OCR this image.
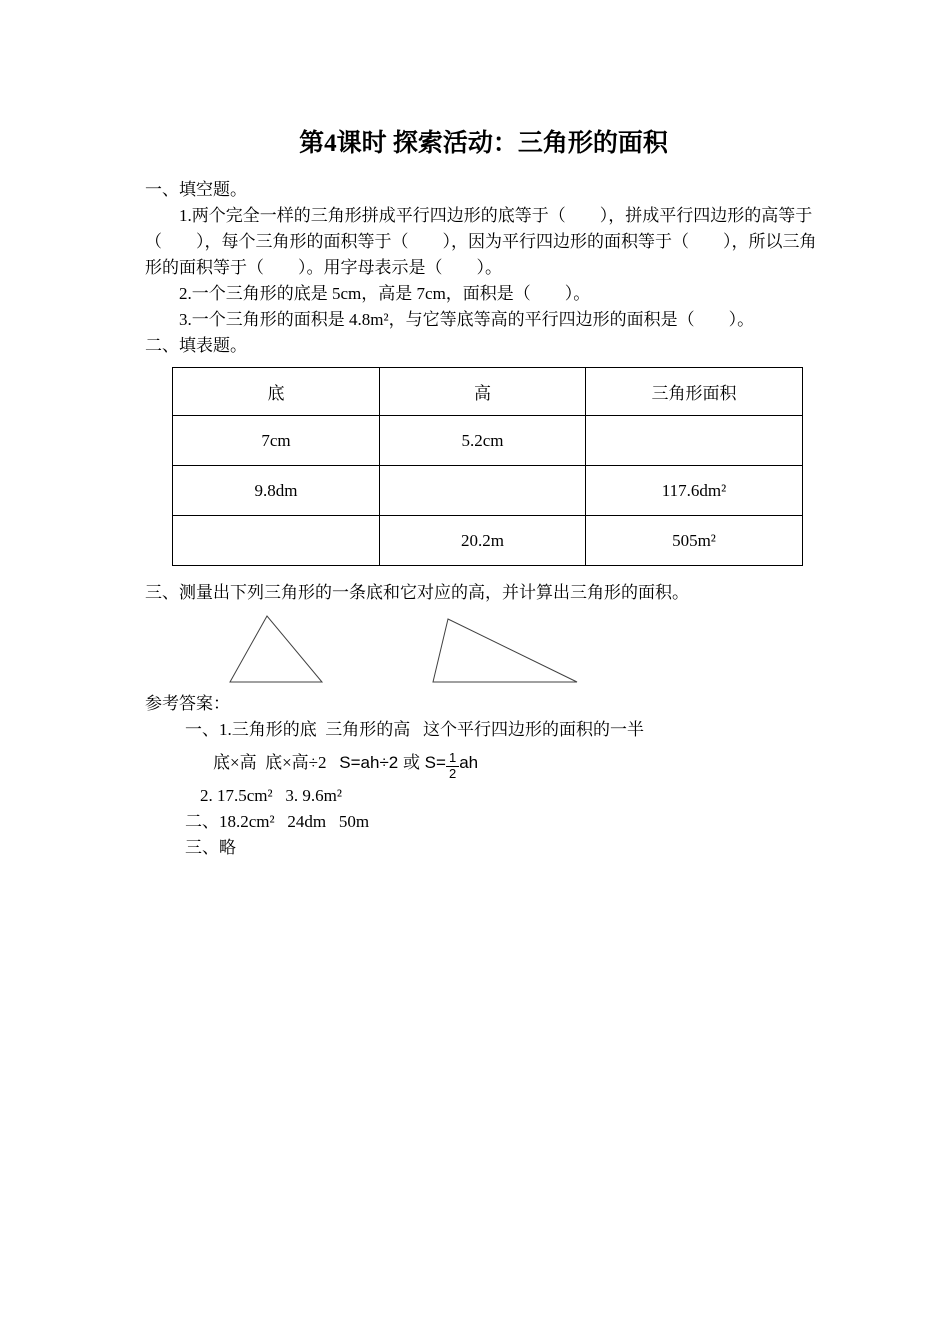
第4课时 探索活动：三角形的面积

一、填空题。

1.两个完全一样的三角形拼成平行四边形的底等于（　　），拼成平行四边形的高等于（　　），每个三角形的面积等于（　　），因为平行四边形的面积等于（　　），所以三角形的面积等于（　　）。用字母表示是（　　）。

2.一个三角形的底是 5cm，高是 7cm，面积是（　　）。

3.一个三角形的面积是 4.8m²，与它等底等高的平行四边形的面积是（　　）。

二、填表题。

底	高	三角形面积
7cm	5.2cm	
9.8dm		117.6dm²
	20.2m	505m²

三、测量出下列三角形的一条底和它对应的高，并计算出三角形的面积。

参考答案：

一、1.三角形的底  三角形的高   这个平行四边形的面积的一半

底×高  底×高÷2   S=ah÷2 或 $S= \frac{1}{2}$ ah

2. 17.5cm²   3. 9.6m²

二、18.2cm²   24dm   50m

三、略
